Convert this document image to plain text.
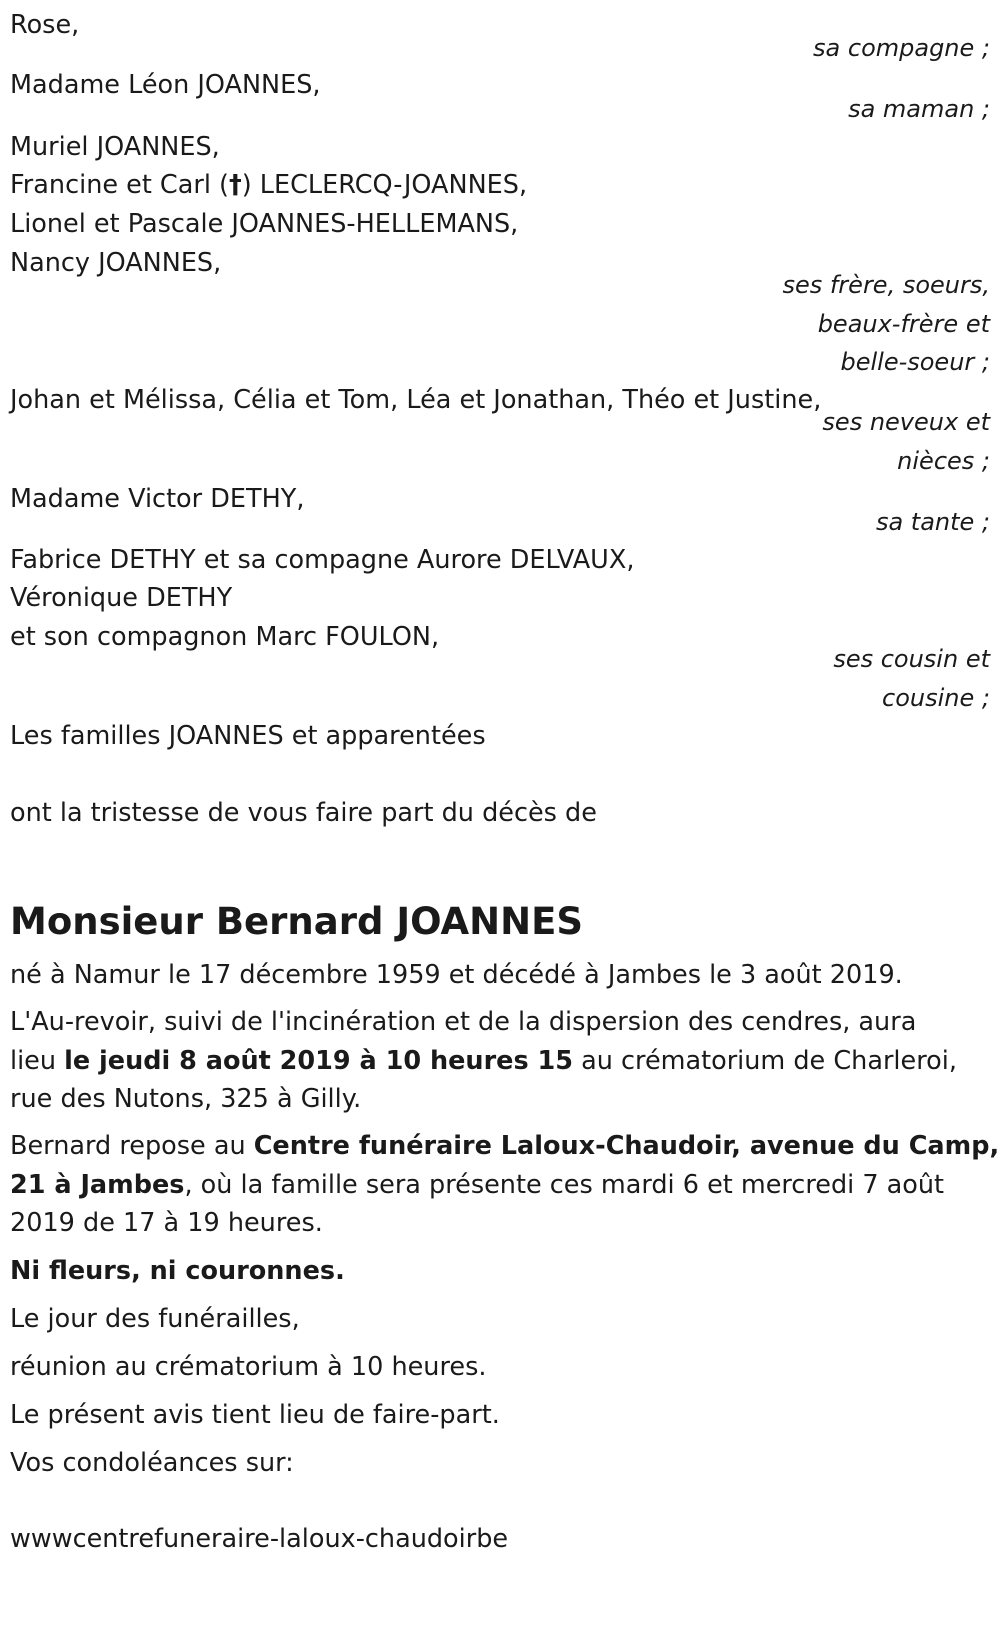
Rose,
sa compagne ;
Madame Léon JOANNES,
sa maman ;
Muriel JOANNES,
Francine et Carl (†) LECLERCQ-JOANNES,
Lionel et Pascale JOANNES-HELLEMANS,
Nancy JOANNES,
ses frère, soeurs,
beaux-frère et
belle-soeur ;
Johan et Mélissa, Célia et Tom, Léa et Jonathan, Théo et Justine,
ses neveux et
nièces ;
Madame Victor DETHY,
sa tante ;
Fabrice DETHY et sa compagne Aurore DELVAUX,
Véronique DETHY
et son compagnon Marc FOULON,
ses cousin et
cousine ;
Les familles JOANNES et apparentées
ont la tristesse de vous faire part du décès de
Monsieur Bernard JOANNES
né à Namur le 17 décembre 1959 et décédé à Jambes le 3 août 2019.
L'Au-revoir, suivi de l'incinération et de la dispersion des cendres, aura
lieu le jeudi 8 août 2019 à 10 heures 15 au crématorium de Charleroi,
rue des Nutons, 325 à Gilly.
Bernard repose au Centre funéraire Laloux-Chaudoir, avenue du Camp,
21 à Jambes, où la famille sera présente ces mardi 6 et mercredi 7 août
2019 de 17 à 19 heures.
Ni fleurs, ni couronnes.
Le jour des funérailles,
réunion au crématorium à 10 heures.
Le présent avis tient lieu de faire-part.
Vos condoléances sur:
wwwcentrefuneraire-laloux-chaudoirbe
